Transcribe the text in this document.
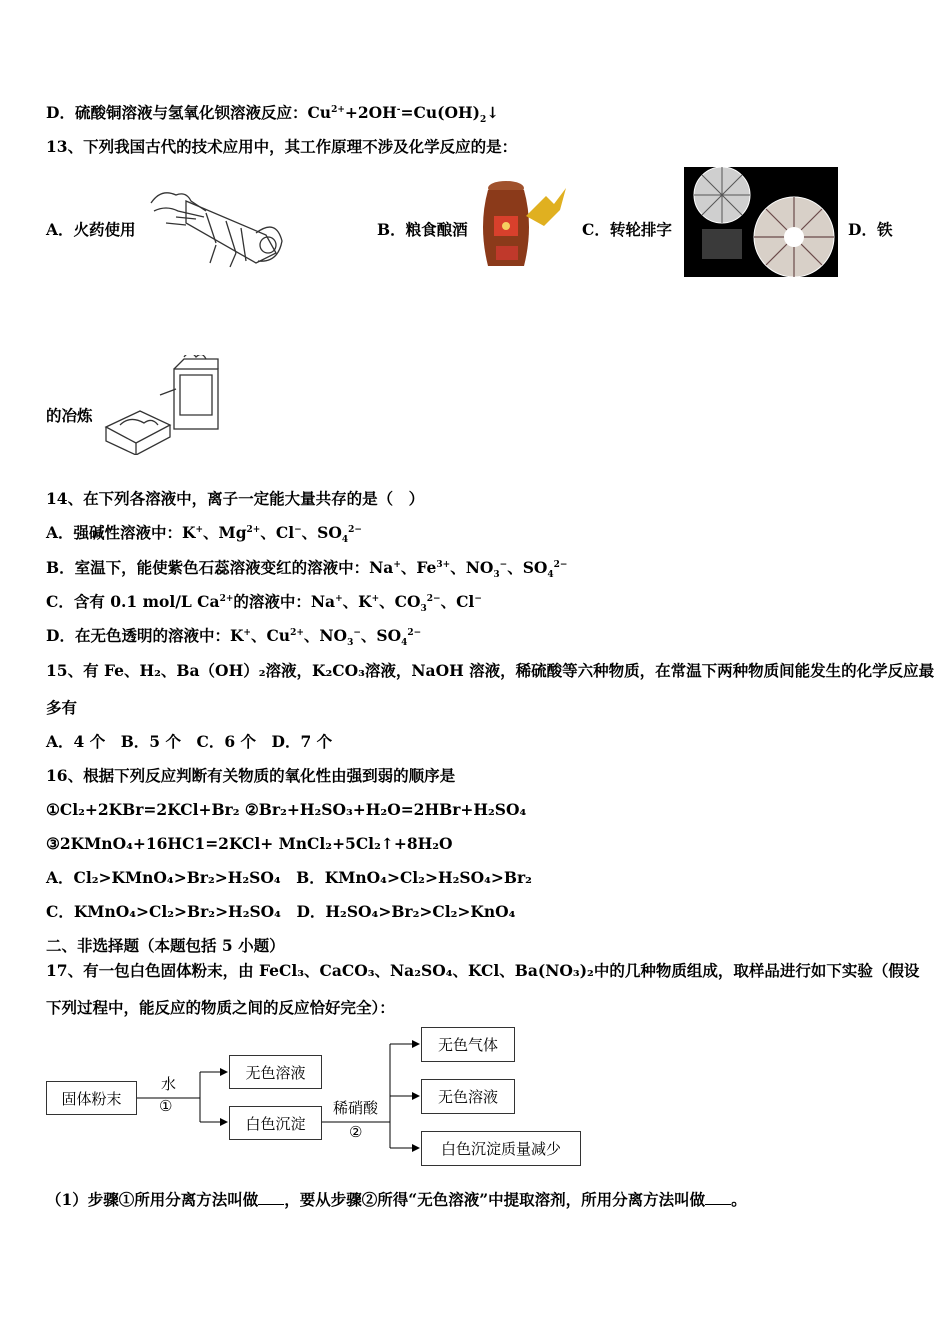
D．硫酸铜溶液与氢氧化钡溶液反应：$Cu^{2+}+2OH^-=Cu(OH)_2↓$
13、下列我国古代的技术应用中，其工作原理不涉及化学反应的是：
A．火药使用	B．粮食酿酒	C．转轮排字	D．铁
的冶炼
14、在下列各溶液中，离子一定能大量共存的是（　）
A．强碱性溶液中：K+、$Mg^{2+}$、Cl−、$SO_4^{2-}$
B．室温下，能使紫色石蕊溶液变红的溶液中：Na+、$Fe^{3+}$、$NO_3^-$、$SO_4^{2-}$
C．含有 0.1 mol/L $Ca^{2+}$的溶液中：Na+、K+、$CO_3^{2-}$、Cl−
D．在无色透明的溶液中：K+、$Cu^{2+}$、$NO_3^-$、$SO_4^{2-}$
15、有 Fe、H₂、Ba（OH）₂溶液，K₂CO₃溶液，NaOH 溶液，稀硫酸等六种物质，在常温下两种物质间能发生的化学反应最
多有
A．4 个　B．5 个　C．6 个　D．7 个
16、根据下列反应判断有关物质的氧化性由强到弱的顺序是
①Cl₂+2KBr=2KCl+Br₂ ②Br₂+H₂SO₃+H₂O=2HBr+H₂SO₄
③2KMnO₄+16HC1=2KCl+ MnCl₂+5Cl₂↑+8H₂O
A．Cl₂>KMnO₄>Br₂>H₂SO₄　B．KMnO₄>Cl₂>H₂SO₄>Br₂
C．KMnO₄>Cl₂>Br₂>H₂SO₄　D．H₂SO₄>Br₂>Cl₂>KnO₄
二、非选择题（本题包括 5 小题）
17、有一包白色固体粉末，由 FeCl₃、CaCO₃、Na₂SO₄、KCl、Ba(NO₃)₂中的几种物质组成，取样品进行如下实验（假设
下列过程中，能反应的物质之间的反应恰好完全）：
固体粉末
水
①
无色溶液
白色沉淀
稀硝酸
②
无色气体
无色溶液
白色沉淀质量减少
（1）步骤①所用分离方法叫做 ，要从步骤②所得“无色溶液”中提取溶剂，所用分离方法叫做 。
